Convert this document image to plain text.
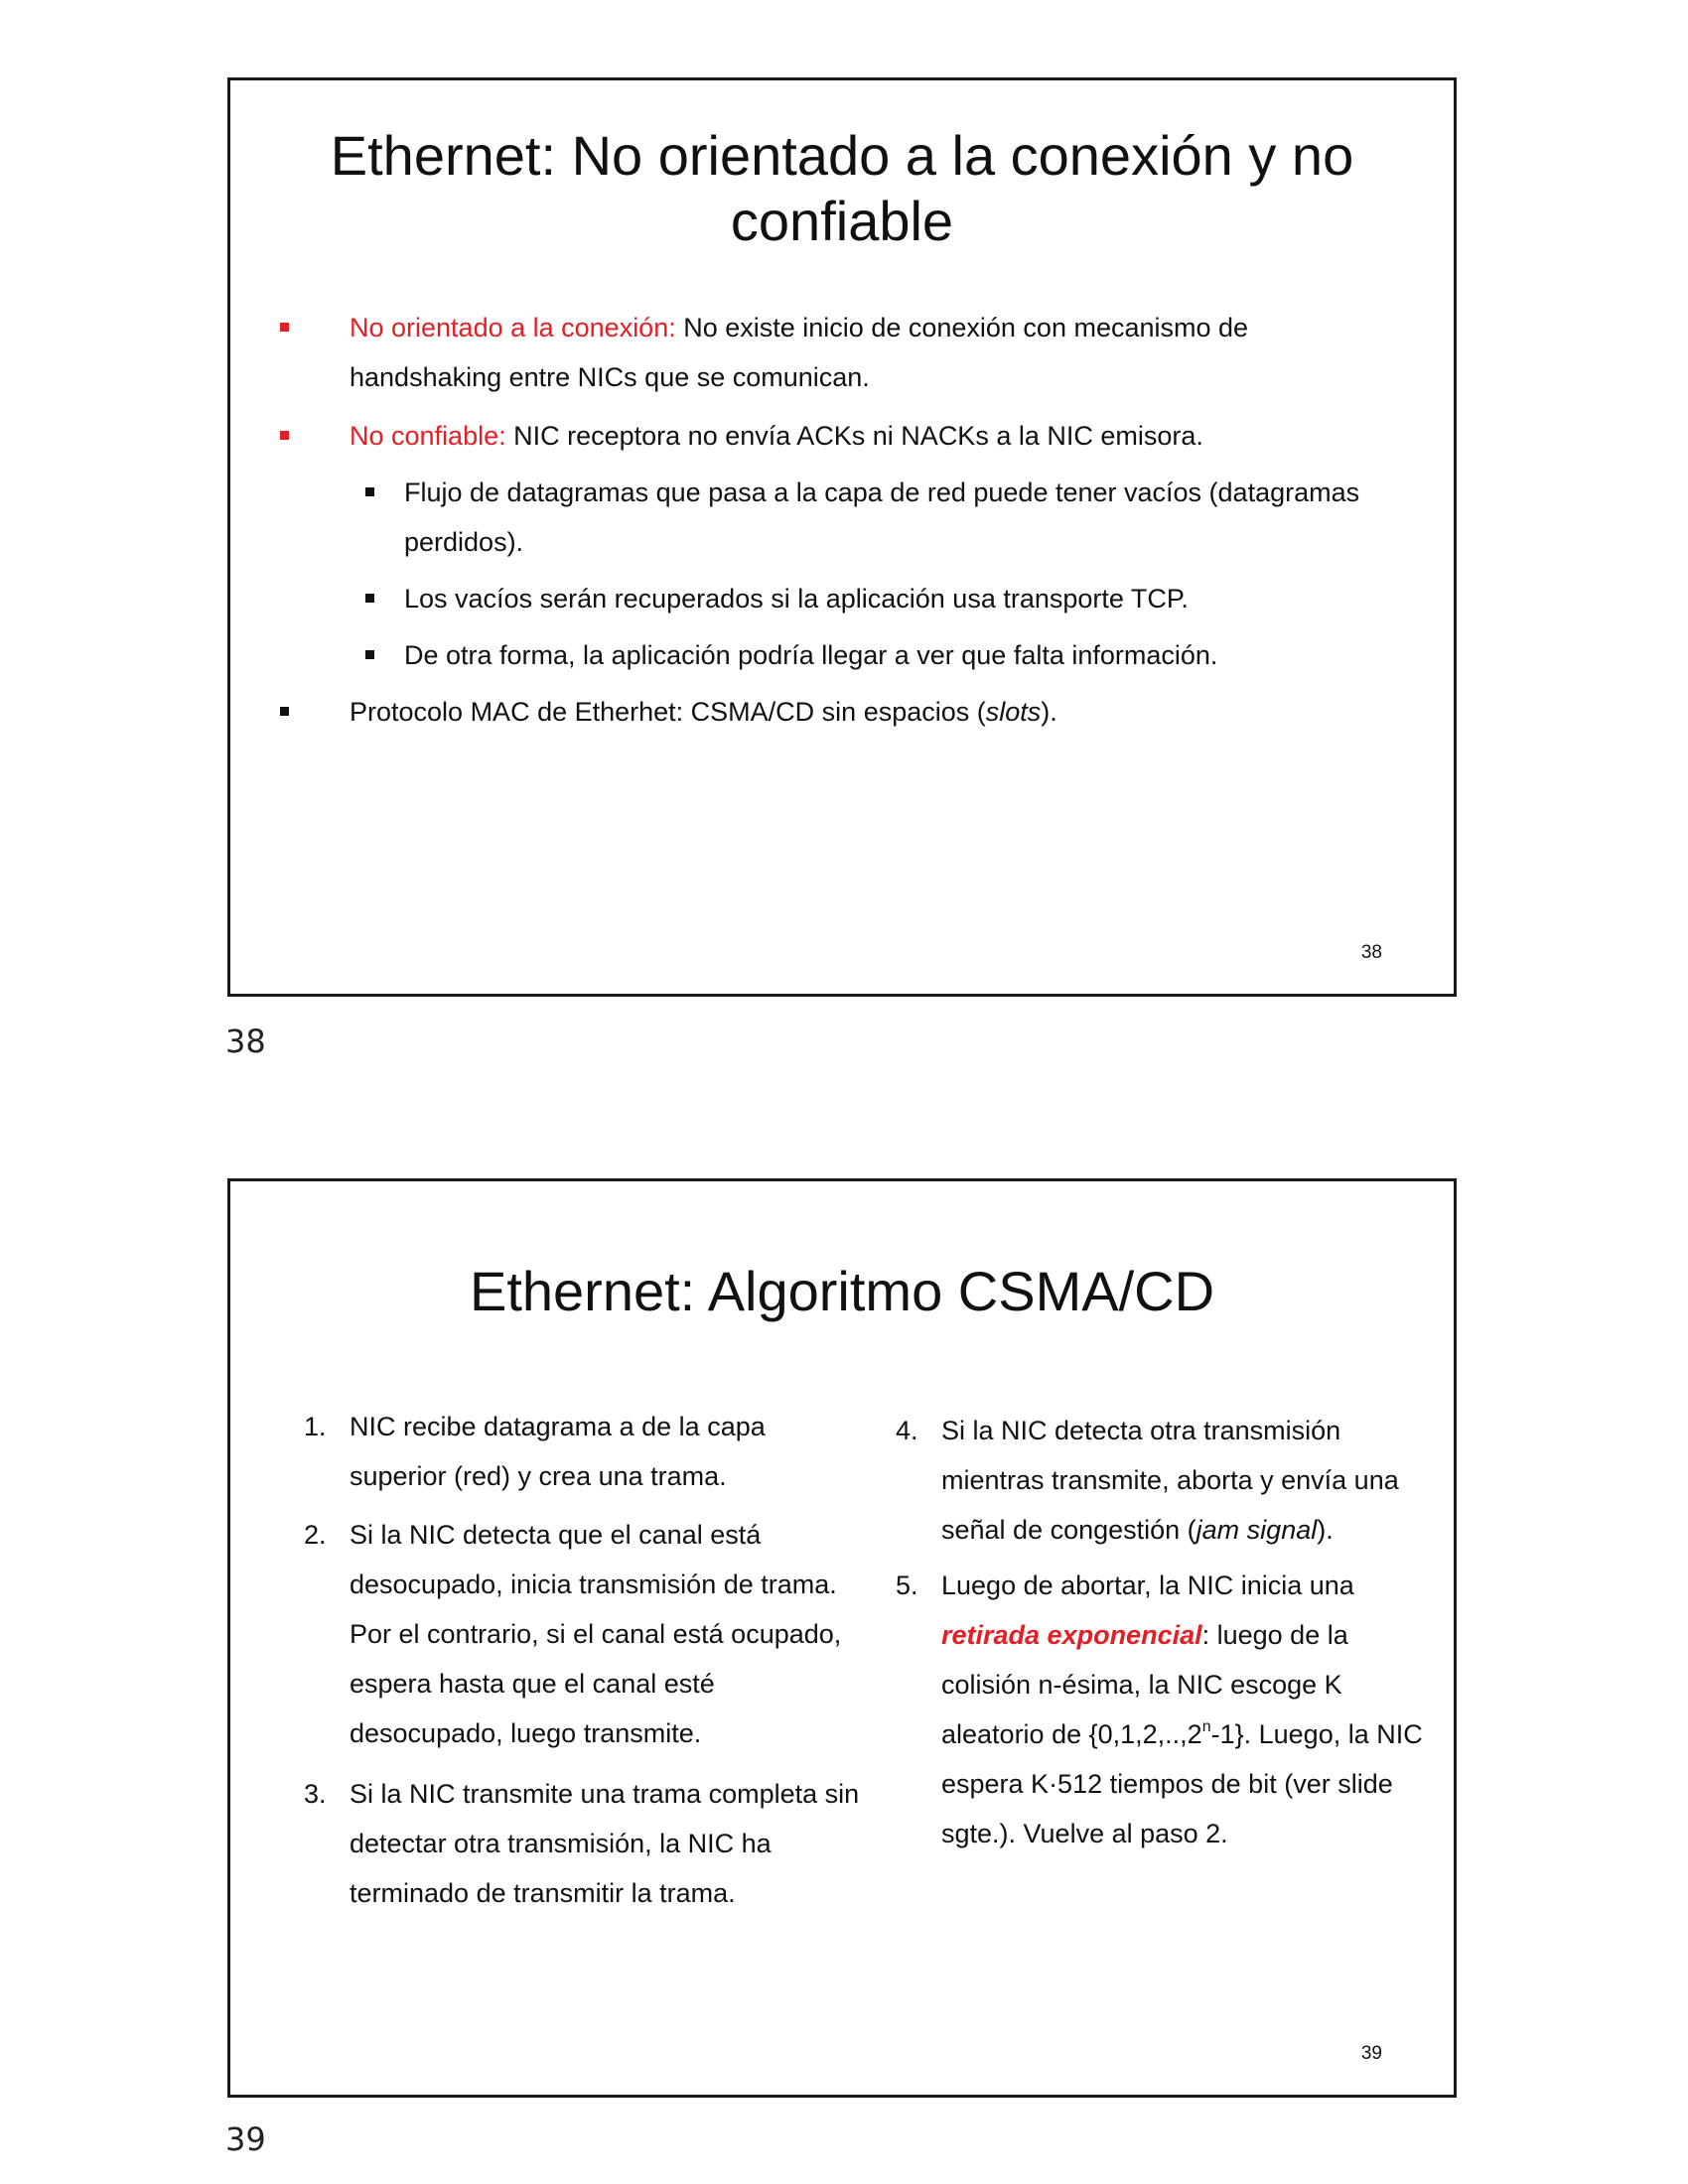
Ethernet: No orientado a la conexión y no confiable
No orientado a la conexión: No existe inicio de conexión con mecanismo de handshaking entre NICs que se comunican.
No confiable: NIC receptora no envía ACKs ni NACKs a la NIC emisora.
Flujo de datagramas que pasa a la capa de red puede tener vacíos (datagramas perdidos).
Los vacíos serán recuperados si la aplicación usa transporte TCP.
De otra forma, la aplicación podría llegar a ver que falta información.
Protocolo MAC de Etherhet: CSMA/CD sin espacios (slots).
38
38
Ethernet: Algoritmo CSMA/CD
1. NIC recibe datagrama a de la capa superior (red) y crea una trama.
2. Si la NIC detecta que el canal está desocupado, inicia transmisión de trama. Por el contrario, si el canal está ocupado, espera hasta que el canal esté desocupado, luego transmite.
3. Si la NIC transmite una trama completa sin detectar otra transmisión, la NIC ha terminado de transmitir la trama.
4. Si la NIC detecta otra transmisión mientras transmite, aborta y envía una señal de congestión (jam signal).
5. Luego de abortar, la NIC inicia una retirada exponencial: luego de la colisión n-ésima, la NIC escoge K aleatorio de {0,1,2,..,2$^n$-1}. Luego, la NIC espera K·512 tiempos de bit (ver slide sgte.). Vuelve al paso 2.
39
39
